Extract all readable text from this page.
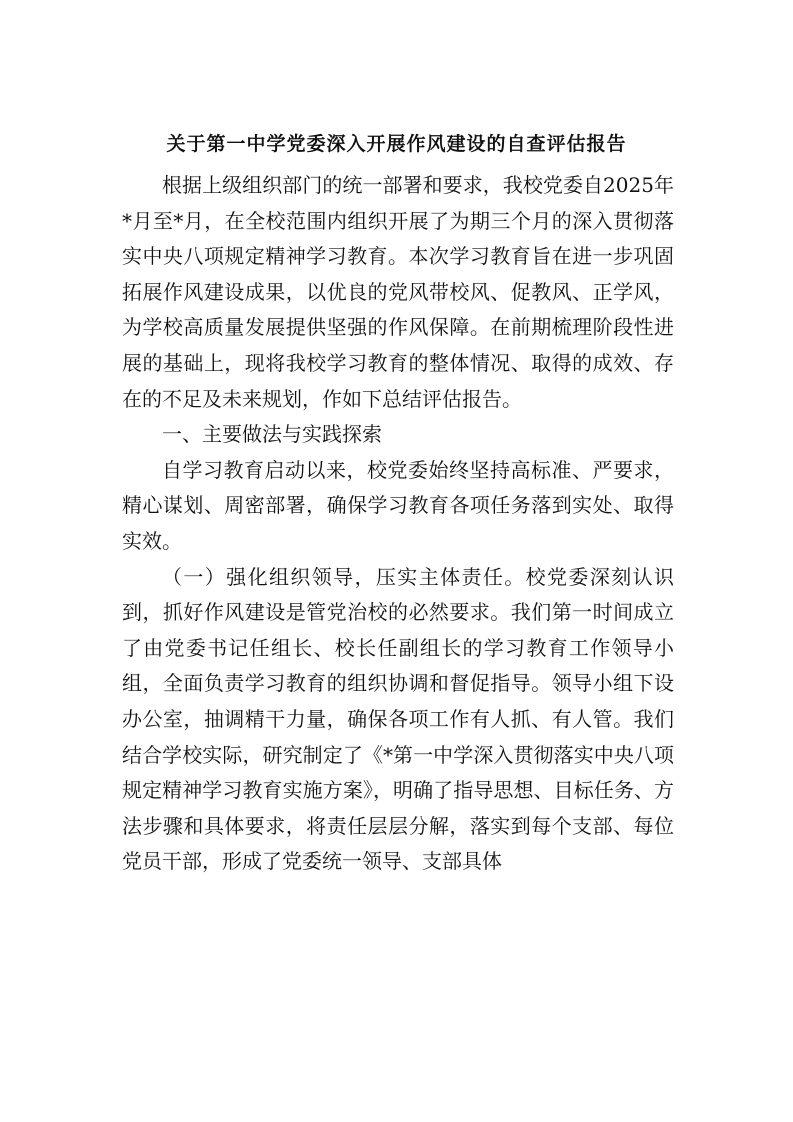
关于第一中学党委深入开展作风建设的自查评估报告

根据上级组织部门的统一部署和要求，我校党委自2025年*月至*月，在全校范围内组织开展了为期三个月的深入贯彻落实中央八项规定精神学习教育。本次学习教育旨在进一步巩固拓展作风建设成果，以优良的党风带校风、促教风、正学风，为学校高质量发展提供坚强的作风保障。在前期梳理阶段性进展的基础上，现将我校学习教育的整体情况、取得的成效、存在的不足及未来规划，作如下总结评估报告。

一、主要做法与实践探索

自学习教育启动以来，校党委始终坚持高标准、严要求，精心谋划、周密部署，确保学习教育各项任务落到实处、取得实效。

（一）强化组织领导，压实主体责任。校党委深刻认识到，抓好作风建设是管党治校的必然要求。我们第一时间成立了由党委书记任组长、校长任副组长的学习教育工作领导小组，全面负责学习教育的组织协调和督促指导。领导小组下设办公室，抽调精干力量，确保各项工作有人抓、有人管。我们结合学校实际，研究制定了《*第一中学深入贯彻落实中央八项规定精神学习教育实施方案》，明确了指导思想、目标任务、方法步骤和具体要求，将责任层层分解，落实到每个支部、每位党员干部，形成了党委统一领导、支部具体
